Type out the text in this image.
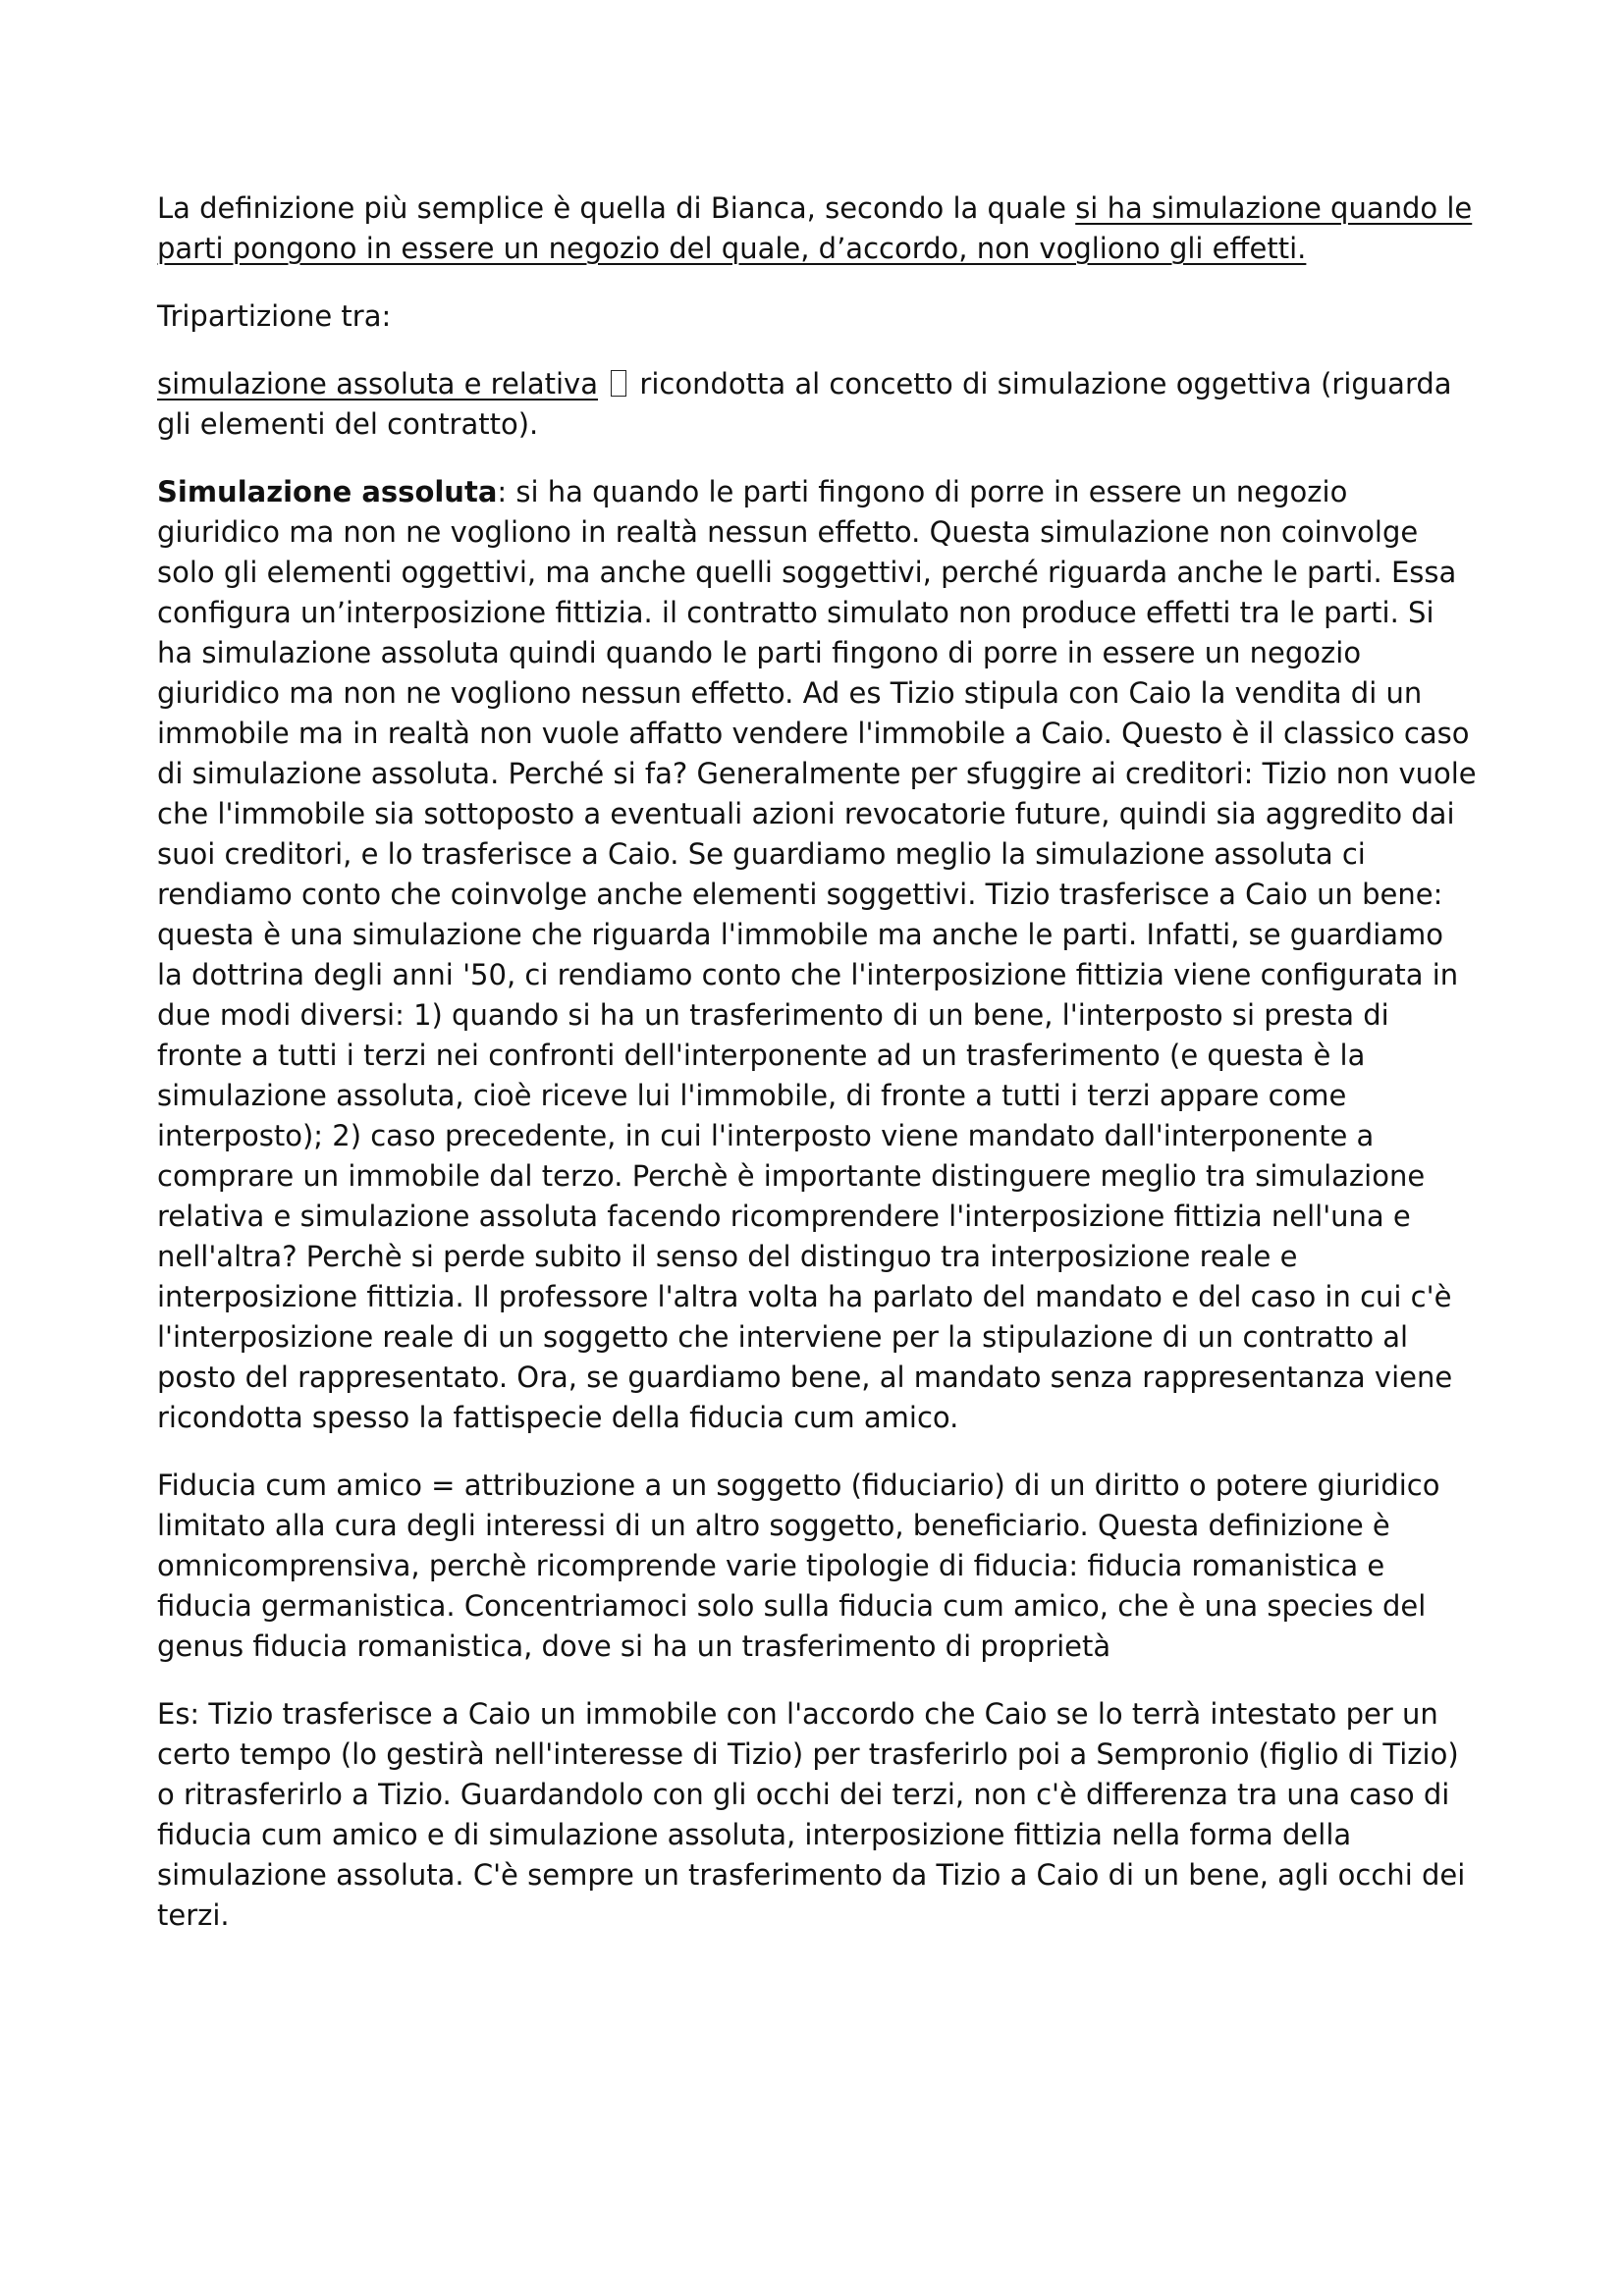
La definizione più semplice è quella di Bianca, secondo la quale si ha simulazione quando le parti pongono in essere un negozio del quale, d’accordo, non vogliono gli effetti.

Tripartizione tra:

simulazione assoluta e relativa  ricondotta al concetto di simulazione oggettiva (riguarda gli elementi del contratto).

Simulazione assoluta: si ha quando le parti fingono di porre in essere un negozio giuridico ma non ne vogliono in realtà nessun effetto. Questa simulazione non coinvolge solo gli elementi oggettivi, ma anche quelli soggettivi, perché riguarda anche le parti. Essa configura un’interposizione fittizia. il contratto simulato non produce effetti tra le parti. Si ha simulazione assoluta quindi quando le parti fingono di porre in essere un negozio giuridico ma non ne vogliono nessun effetto. Ad es Tizio stipula con Caio la vendita di un immobile ma in realtà non vuole affatto vendere l'immobile a Caio. Questo è il classico caso di simulazione assoluta. Perché si fa? Generalmente per sfuggire ai creditori: Tizio non vuole che l'immobile sia sottoposto a eventuali azioni revocatorie future, quindi sia aggredito dai suoi creditori, e lo trasferisce a Caio. Se guardiamo meglio la simulazione assoluta ci rendiamo conto che coinvolge anche elementi soggettivi. Tizio trasferisce a Caio un bene: questa è una simulazione che riguarda l'immobile ma anche le parti. Infatti, se guardiamo la dottrina degli anni '50, ci rendiamo conto che l'interposizione fittizia viene configurata in due modi diversi: 1) quando si ha un trasferimento di un bene, l'interposto si presta di fronte a tutti i terzi nei confronti dell'interponente ad un trasferimento (e questa è la simulazione assoluta, cioè riceve lui l'immobile, di fronte a tutti i terzi appare come interposto); 2) caso precedente, in cui l'interposto viene mandato dall'interponente a comprare un immobile dal terzo. Perchè è importante distinguere meglio tra simulazione relativa e simulazione assoluta facendo ricomprendere l'interposizione fittizia nell'una e nell'altra? Perchè si perde subito il senso del distinguo tra interposizione reale e interposizione fittizia. Il professore l'altra volta ha parlato del mandato e del caso in cui c'è l'interposizione reale di un soggetto che interviene per la stipulazione di un contratto al posto del rappresentato. Ora, se guardiamo bene, al mandato senza rappresentanza viene ricondotta spesso la fattispecie della fiducia cum amico.

Fiducia cum amico = attribuzione a un soggetto (fiduciario) di un diritto o potere giuridico limitato alla cura degli interessi di un altro soggetto, beneficiario. Questa definizione è omnicomprensiva, perchè ricomprende varie tipologie di fiducia: fiducia romanistica e fiducia germanistica. Concentriamoci solo sulla fiducia cum amico, che è una species del genus fiducia romanistica, dove si ha un trasferimento di proprietà

Es: Tizio trasferisce a Caio un immobile con l'accordo che Caio se lo terrà intestato per un certo tempo (lo gestirà nell'interesse di Tizio) per trasferirlo poi a Sempronio (figlio di Tizio) o ritrasferirlo a Tizio. Guardandolo con gli occhi dei terzi, non c'è differenza tra una caso di fiducia cum amico e di simulazione assoluta, interposizione fittizia nella forma della simulazione assoluta. C'è sempre un trasferimento da Tizio a Caio di un bene, agli occhi dei terzi.
